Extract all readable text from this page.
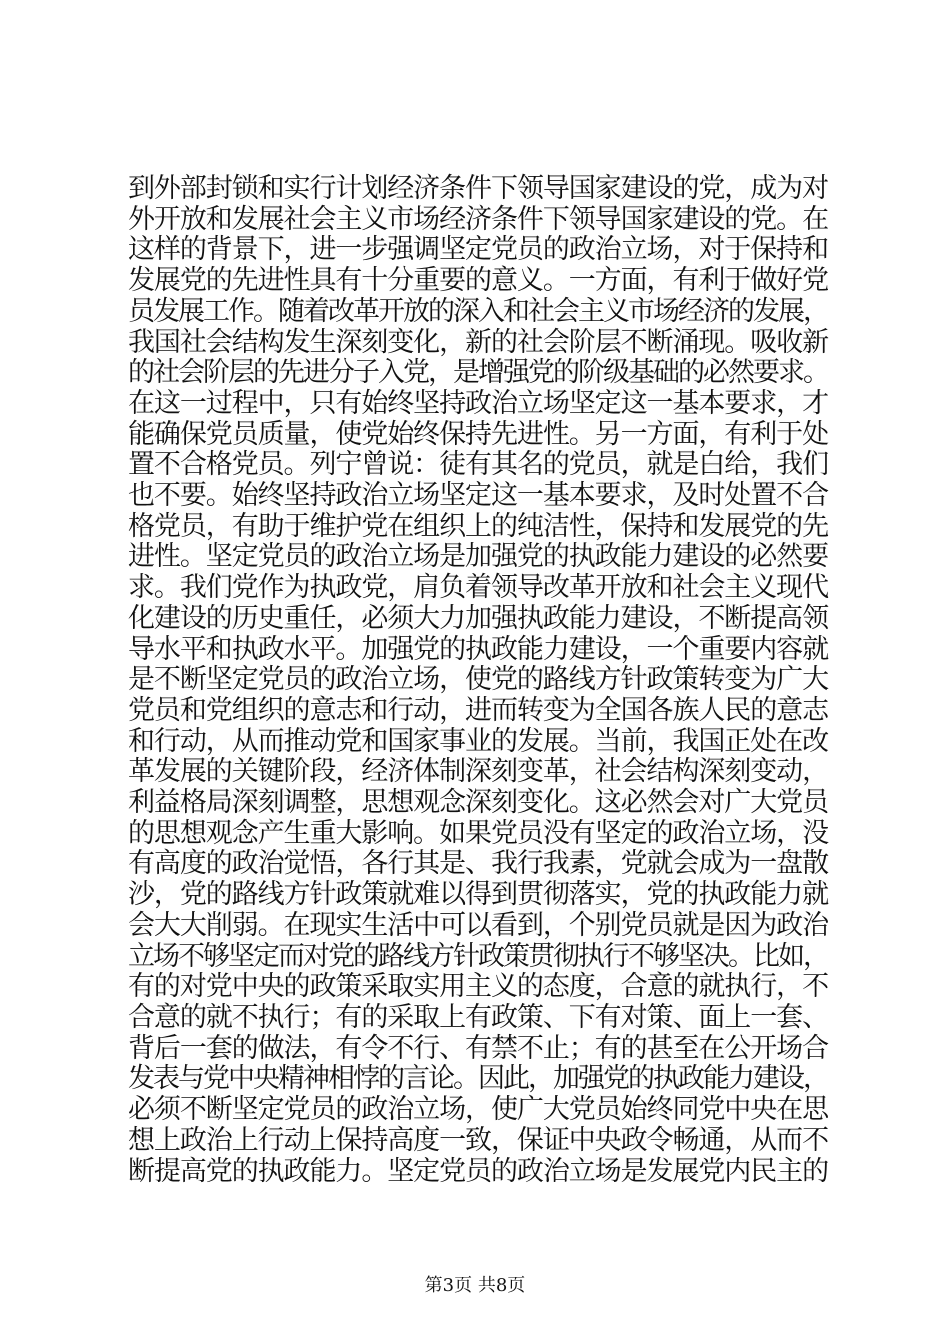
到外部封锁和实行计划经济条件下领导国家建设的党，成为对
外开放和发展社会主义市场经济条件下领导国家建设的党。在
这样的背景下，进一步强调坚定党员的政治立场，对于保持和
发展党的先进性具有十分重要的意义。一方面，有利于做好党
员发展工作。随着改革开放的深入和社会主义市场经济的发展，
我国社会结构发生深刻变化，新的社会阶层不断涌现。吸收新
的社会阶层的先进分子入党，是增强党的阶级基础的必然要求。
在这一过程中，只有始终坚持政治立场坚定这一基本要求，才
能确保党员质量，使党始终保持先进性。另一方面，有利于处
置不合格党员。列宁曾说：徒有其名的党员，就是白给，我们
也不要。始终坚持政治立场坚定这一基本要求，及时处置不合
格党员，有助于维护党在组织上的纯洁性，保持和发展党的先
进性。坚定党员的政治立场是加强党的执政能力建设的必然要
求。我们党作为执政党，肩负着领导改革开放和社会主义现代
化建设的历史重任，必须大力加强执政能力建设，不断提高领
导水平和执政水平。加强党的执政能力建设，一个重要内容就
是不断坚定党员的政治立场，使党的路线方针政策转变为广大
党员和党组织的意志和行动，进而转变为全国各族人民的意志
和行动，从而推动党和国家事业的发展。当前，我国正处在改
革发展的关键阶段，经济体制深刻变革，社会结构深刻变动，
利益格局深刻调整，思想观念深刻变化。这必然会对广大党员
的思想观念产生重大影响。如果党员没有坚定的政治立场，没
有高度的政治觉悟，各行其是、我行我素，党就会成为一盘散
沙，党的路线方针政策就难以得到贯彻落实，党的执政能力就
会大大削弱。在现实生活中可以看到，个别党员就是因为政治
立场不够坚定而对党的路线方针政策贯彻执行不够坚决。比如，
有的对党中央的政策采取实用主义的态度，合意的就执行，不
合意的就不执行；有的采取上有政策、下有对策、面上一套、
背后一套的做法，有令不行、有禁不止；有的甚至在公开场合
发表与党中央精神相悖的言论。因此，加强党的执政能力建设，
必须不断坚定党员的政治立场，使广大党员始终同党中央在思
想上政治上行动上保持高度一致，保证中央政令畅通，从而不
断提高党的执政能力。坚定党员的政治立场是发展党内民主的
第3页 共8页
